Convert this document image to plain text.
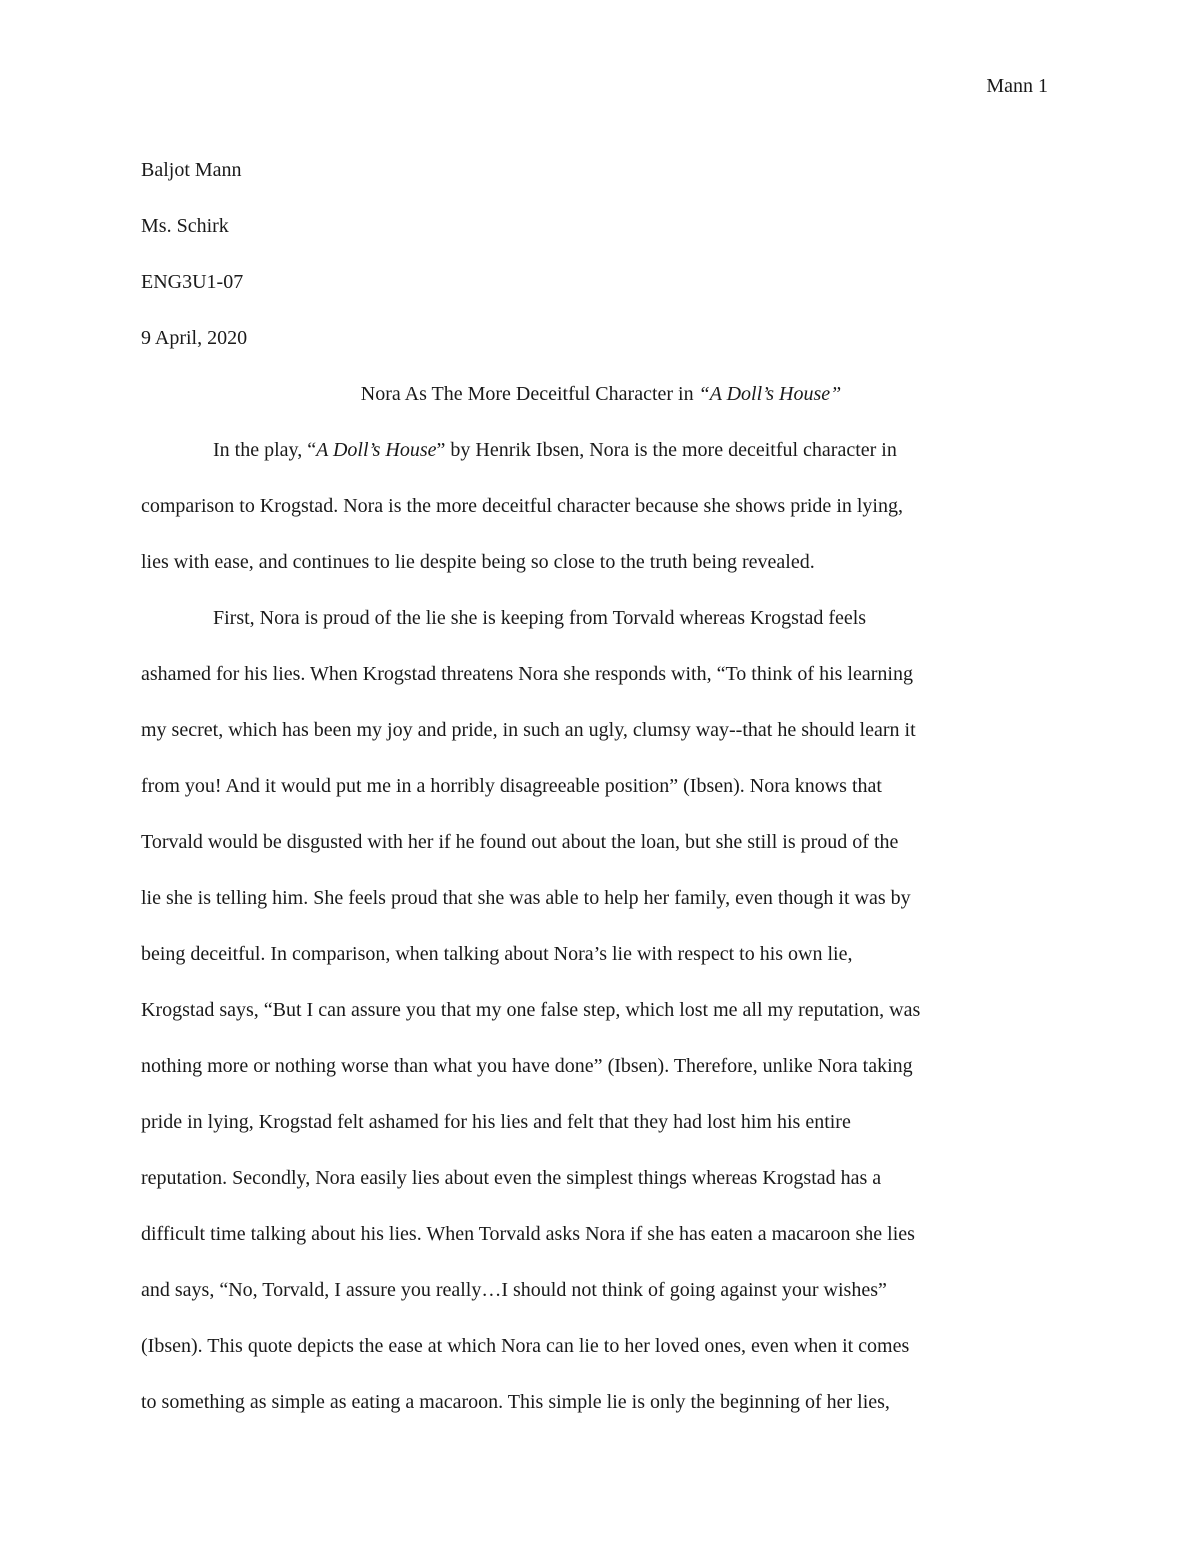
Mann 1

Baljot Mann

Ms. Schirk

ENG3U1-07

9 April, 2020

Nora As The More Deceitful Character in “A Doll’s House”

In the play, “A Doll’s House” by Henrik Ibsen, Nora is the more deceitful character in
comparison to Krogstad. Nora is the more deceitful character because she shows pride in lying,
lies with ease, and continues to lie despite being so close to the truth being revealed.

First, Nora is proud of the lie she is keeping from Torvald whereas Krogstad feels
ashamed for his lies. When Krogstad threatens Nora she responds with, “To think of his learning
my secret, which has been my joy and pride, in such an ugly, clumsy way--that he should learn it
from you! And it would put me in a horribly disagreeable position” (Ibsen). Nora knows that
Torvald would be disgusted with her if he found out about the loan, but she still is proud of the
lie she is telling him. She feels proud that she was able to help her family, even though it was by
being deceitful. In comparison, when talking about Nora’s lie with respect to his own lie,
Krogstad says, “But I can assure you that my one false step, which lost me all my reputation, was
nothing more or nothing worse than what you have done” (Ibsen). Therefore, unlike Nora taking
pride in lying, Krogstad felt ashamed for his lies and felt that they had lost him his entire
reputation. Secondly, Nora easily lies about even the simplest things whereas Krogstad has a
difficult time talking about his lies. When Torvald asks Nora if she has eaten a macaroon she lies
and says, “No, Torvald, I assure you really…I should not think of going against your wishes”
(Ibsen). This quote depicts the ease at which Nora can lie to her loved ones, even when it comes
to something as simple as eating a macaroon. This simple lie is only the beginning of her lies,
